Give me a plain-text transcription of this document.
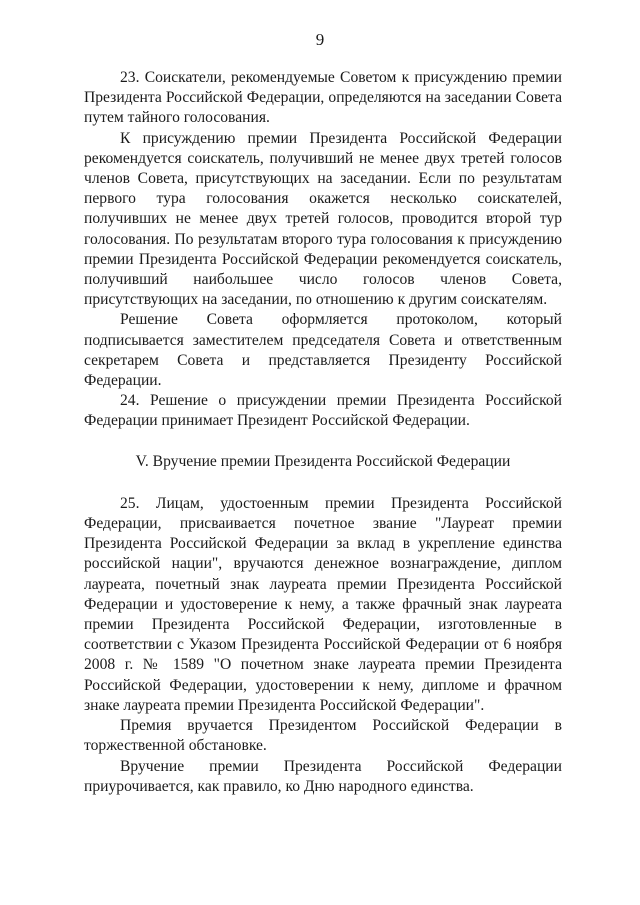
9

23. Соискатели, рекомендуемые Советом к присуждению премии Президента Российской Федерации, определяются на заседании Совета путем тайного голосования.

К присуждению премии Президента Российской Федерации рекомендуется соискатель, получивший не менее двух третей голосов членов Совета, присутствующих на заседании. Если по результатам первого тура голосования окажется несколько соискателей, получивших не менее двух третей голосов, проводится второй тур голосования. По результатам второго тура голосования к присуждению премии Президента Российской Федерации рекомендуется соискатель, получивший наибольшее число голосов членов Совета, присутствующих на заседании, по отношению к другим соискателям.

Решение Совета оформляется протоколом, который подписывается заместителем председателя Совета и ответственным секретарем Совета и представляется Президенту Российской Федерации.

24. Решение о присуждении премии Президента Российской Федерации принимает Президент Российской Федерации.

V. Вручение премии Президента Российской Федерации

25. Лицам, удостоенным премии Президента Российской Федерации, присваивается почетное звание "Лауреат премии Президента Российской Федерации за вклад в укрепление единства российской нации", вручаются денежное вознаграждение, диплом лауреата, почетный знак лауреата премии Президента Российской Федерации и удостоверение к нему, а также фрачный знак лауреата премии Президента Российской Федерации, изготовленные в соответствии с Указом Президента Российской Федерации от 6 ноября 2008 г. № 1589 "О почетном знаке лауреата премии Президента Российской Федерации, удостоверении к нему, дипломе и фрачном знаке лауреата премии Президента Российской Федерации".

Премия вручается Президентом Российской Федерации в торжественной обстановке.

Вручение премии Президента Российской Федерации приурочивается, как правило, ко Дню народного единства.
